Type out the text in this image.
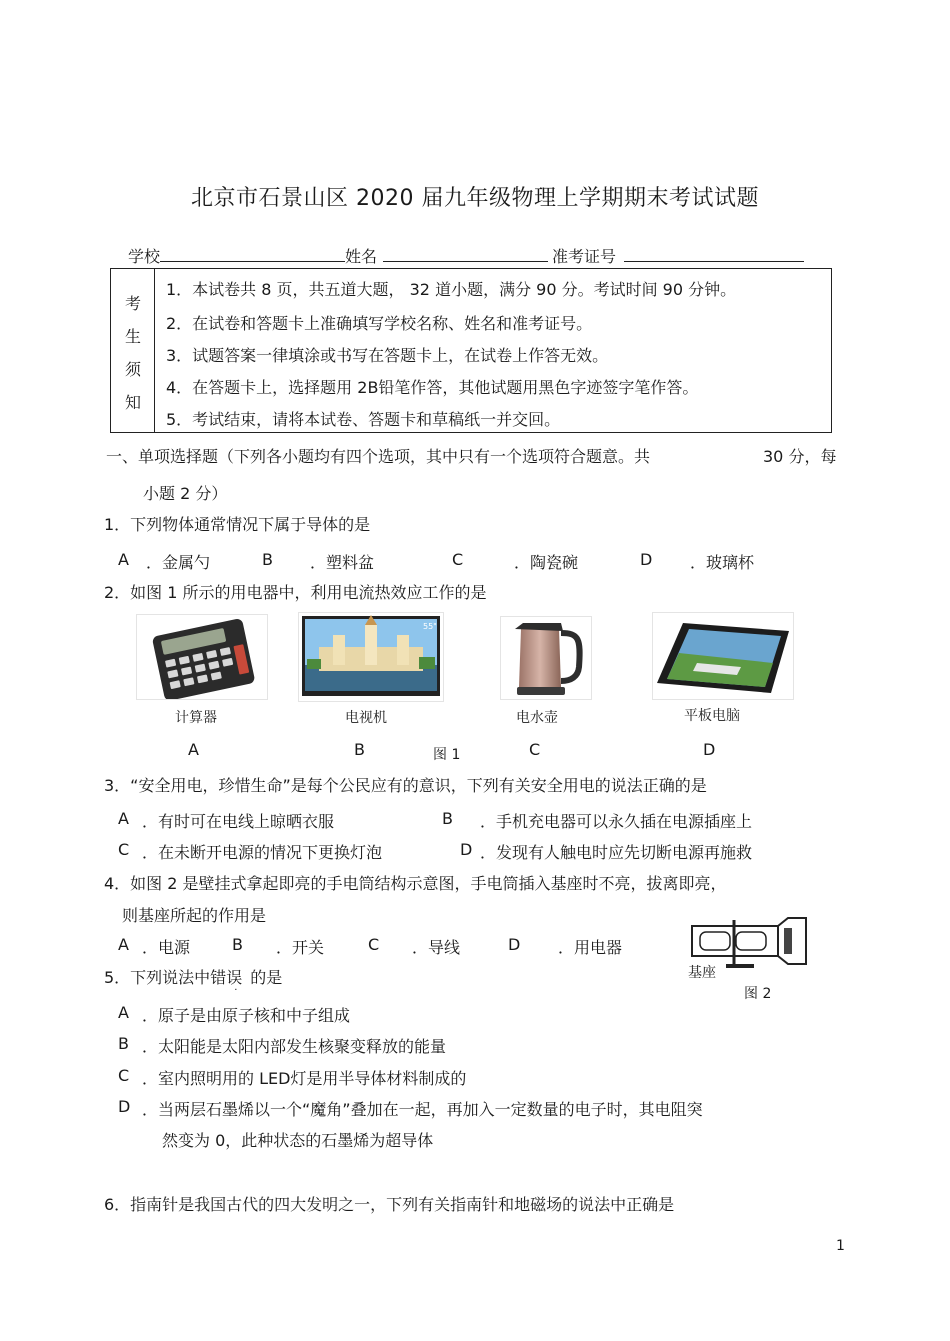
北京市石景山区 2020 届九年级物理上学期期末考试试题
学校	姓名	准考证号
考
生
须
知
1．本试卷共 8 页，共五道大题， 32 道小题，满分 90 分。考试时间 90 分钟。
2．在试卷和答题卡上准确填写学校名称、姓名和准考证号。
3．试题答案一律填涂或书写在答题卡上，在试卷上作答无效。
4．在答题卡上，选择题用 2B铅笔作答，其他试题用黑色字迹签字笔作答。
5．考试结束，请将本试卷、答题卡和草稿纸一并交回。
一、单项选择题（下列各小题均有四个选项，其中只有一个选项符合题意。共	30 分，每
小题 2 分）
1．下列物体通常情况下属于导体的是
A ．金属勺	B ．塑料盆	C	．陶瓷碗	D ．玻璃杯
2．如图 1 所示的用电器中，利用电流热效应工作的是
55"
计算器	电视机	电水壶	平板电脑
A	B	图 1	C	D
3．“安全用电，珍惜生命”是每个公民应有的意识，下列有关安全用电的说法正确的是
A ．有时可在电线上晾晒衣服	B ．手机充电器可以永久插在电源插座上
C ．在未断开电源的情况下更换灯泡	D ．发现有人触电时应先切断电源再施救
4．如图 2 是壁挂式拿起即亮的手电筒结构示意图，手电筒插入基座时不亮，拔离即亮，
则基座所起的作用是
A ．电源	B ．开关	C ．导线	D ．用电器
基座
图 2
5．下列说法中错误
·
的是
A ．原子是由原子核和中子组成
B ．太阳能是太阳内部发生核聚变释放的能量
C ．室内照明用的 LED灯是用半导体材料制成的
D ．当两层石墨烯以一个“魔角”叠加在一起，再加入一定数量的电子时，其电阻突
然变为 0，此种状态的石墨烯为超导体
6．指南针是我国古代的四大发明之一，下列有关指南针和地磁场的说法中正确是
1
